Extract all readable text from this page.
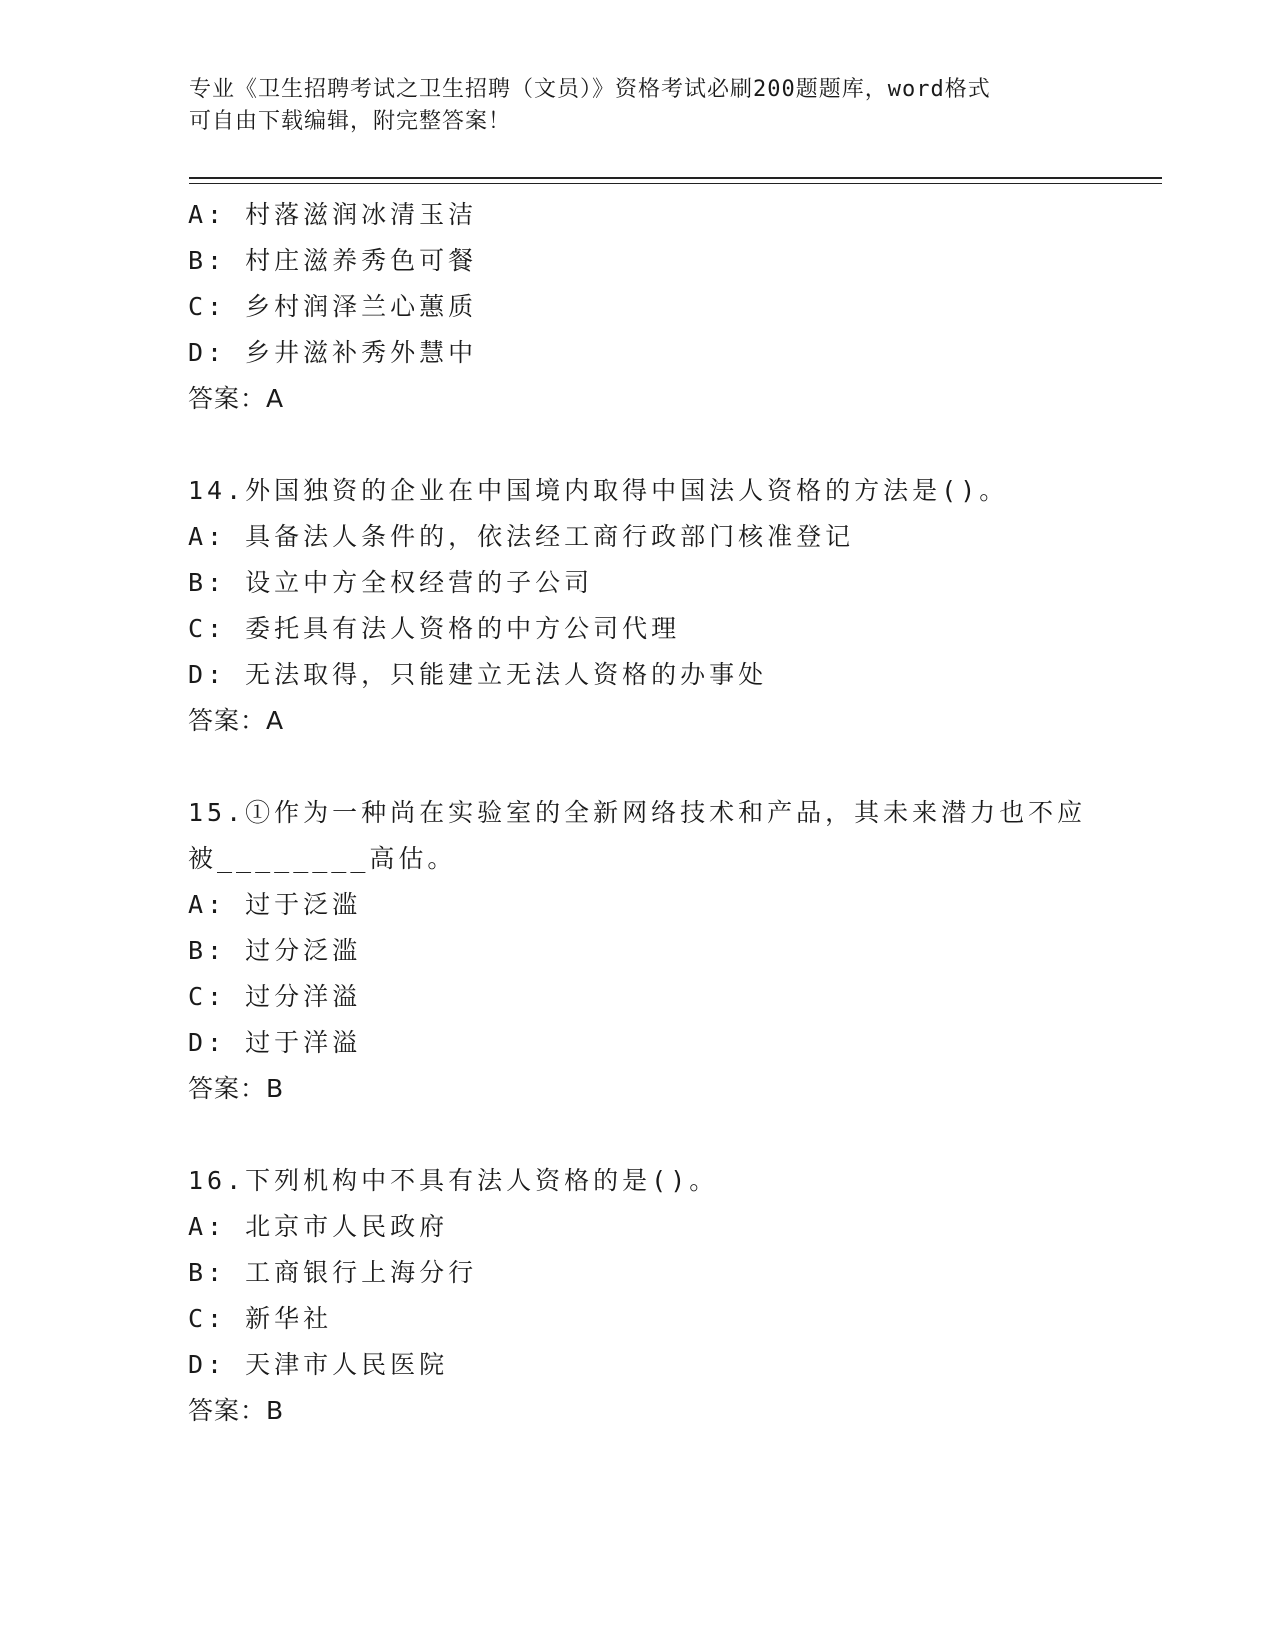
专业《卫生招聘考试之卫生招聘（文员）》资格考试必刷200题题库，word格式
可自由下载编辑，附完整答案！
A: 村落滋润冰清玉洁
B: 村庄滋养秀色可餐
C: 乡村润泽兰心蕙质
D: 乡井滋补秀外慧中
答案：A
14.外国独资的企业在中国境内取得中国法人资格的方法是()。
A: 具备法人条件的，依法经工商行政部门核准登记
B: 设立中方全权经营的子公司
C: 委托具有法人资格的中方公司代理
D: 无法取得，只能建立无法人资格的办事处
答案：A
15.①作为一种尚在实验室的全新网络技术和产品，其未来潜力也不应
被________高估。
A: 过于泛滥
B: 过分泛滥
C: 过分洋溢
D: 过于洋溢
答案：B
16.下列机构中不具有法人资格的是()。
A: 北京市人民政府
B: 工商银行上海分行
C: 新华社
D: 天津市人民医院
答案：B
